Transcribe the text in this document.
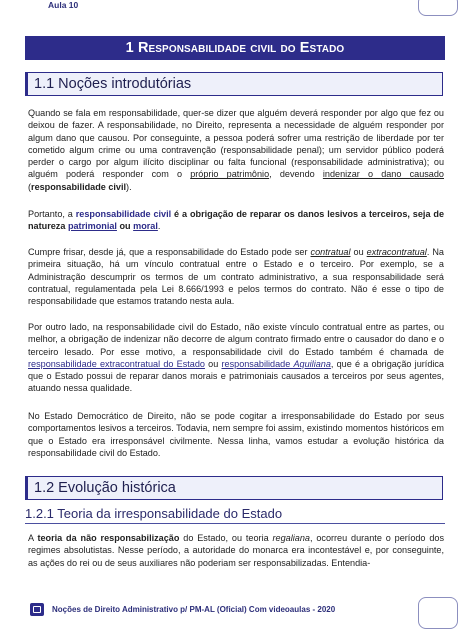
Aula 10
1 Responsabilidade civil do Estado
1.1 Noções introdutórias
Quando se fala em responsabilidade, quer-se dizer que alguém deverá responder por algo que fez ou deixou de fazer. A responsabilidade, no Direito, representa a necessidade de alguém responder por algum dano que causou. Por conseguinte, a pessoa poderá sofrer uma restrição de liberdade por ter cometido algum crime ou uma contravenção (responsabilidade penal); um servidor público poderá perder o cargo por algum ilícito disciplinar ou falta funcional (responsabilidade administrativa); ou alguém poderá responder com o próprio patrimônio, devendo indenizar o dano causado (responsabilidade civil).
Portanto, a responsabilidade civil é a obrigação de reparar os danos lesivos a terceiros, seja de natureza patrimonial ou moral.
Cumpre frisar, desde já, que a responsabilidade do Estado pode ser contratual ou extracontratual. Na primeira situação, há um vínculo contratual entre o Estado e o terceiro. Por exemplo, se a Administração descumprir os termos de um contrato administrativo, a sua responsabilidade será contratual, regulamentada pela Lei 8.666/1993 e pelos termos do contrato. Não é esse o tipo de responsabilidade que estamos tratando nesta aula.
Por outro lado, na responsabilidade civil do Estado, não existe vínculo contratual entre as partes, ou melhor, a obrigação de indenizar não decorre de algum contrato firmado entre o causador do dano e o terceiro lesado. Por esse motivo, a responsabilidade civil do Estado também é chamada de responsabilidade extracontratual do Estado ou responsabilidade Aquiliana, que é a obrigação jurídica que o Estado possui de reparar danos morais e patrimoniais causados a terceiros por seus agentes, atuando nessa qualidade.
No Estado Democrático de Direito, não se pode cogitar a irresponsabilidade do Estado por seus comportamentos lesivos a terceiros. Todavia, nem sempre foi assim, existindo momentos históricos em que o Estado era irresponsável civilmente. Nessa linha, vamos estudar a evolução histórica da responsabilidade civil do Estado.
1.2 Evolução histórica
1.2.1 Teoria da irresponsabilidade do Estado
A teoria da não responsabilização do Estado, ou teoria regaliana, ocorreu durante o período dos regimes absolutistas. Nesse período, a autoridade do monarca era incontestável e, por conseguinte, as ações do rei ou de seus auxiliares não poderiam ser responsabilizadas. Entendia-
Noções de Direito Administrativo p/ PM-AL (Oficial) Com videoaulas - 2020
